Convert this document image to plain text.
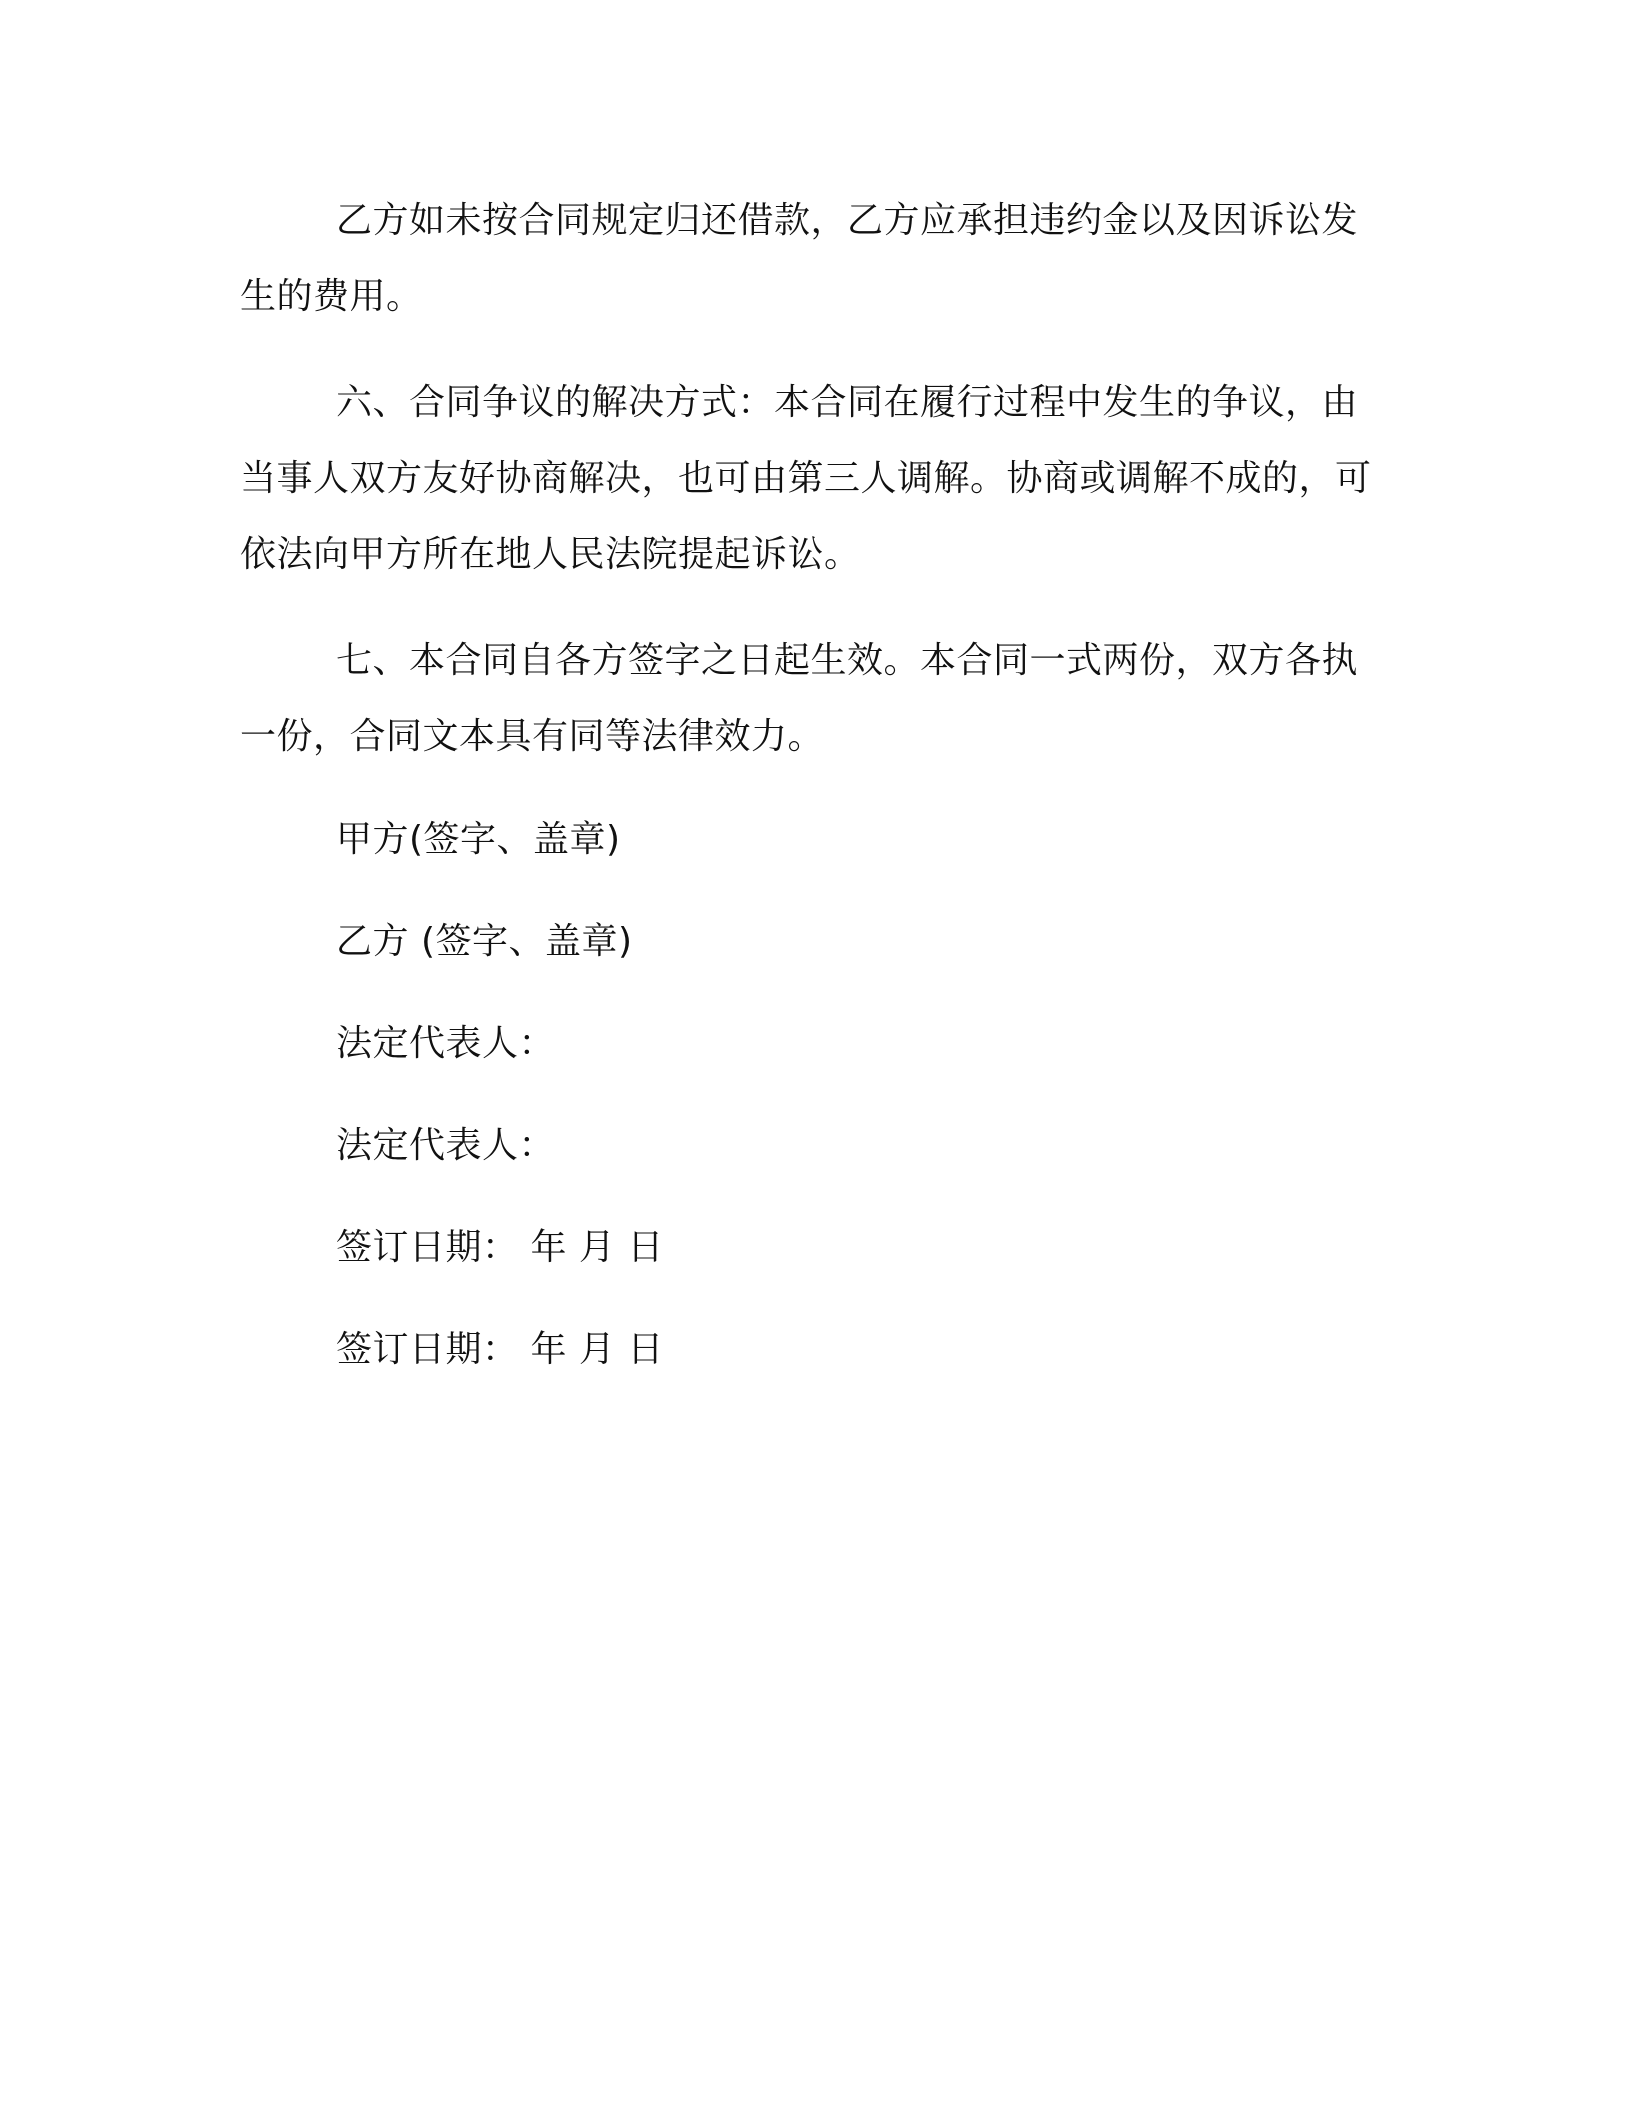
乙方如未按合同规定归还借款，乙方应承担违约金以及因诉讼发生的费用。

六、合同争议的解决方式：本合同在履行过程中发生的争议，由当事人双方友好协商解决，也可由第三人调解。协商或调解不成的，可依法向甲方所在地人民法院提起诉讼。

七、本合同自各方签字之日起生效。本合同一式两份，双方各执一份，合同文本具有同等法律效力。

甲方(签字、盖章)

乙方 (签字、盖章)

法定代表人：

法定代表人：

签订日期： 年 月 日

签订日期： 年 月 日
